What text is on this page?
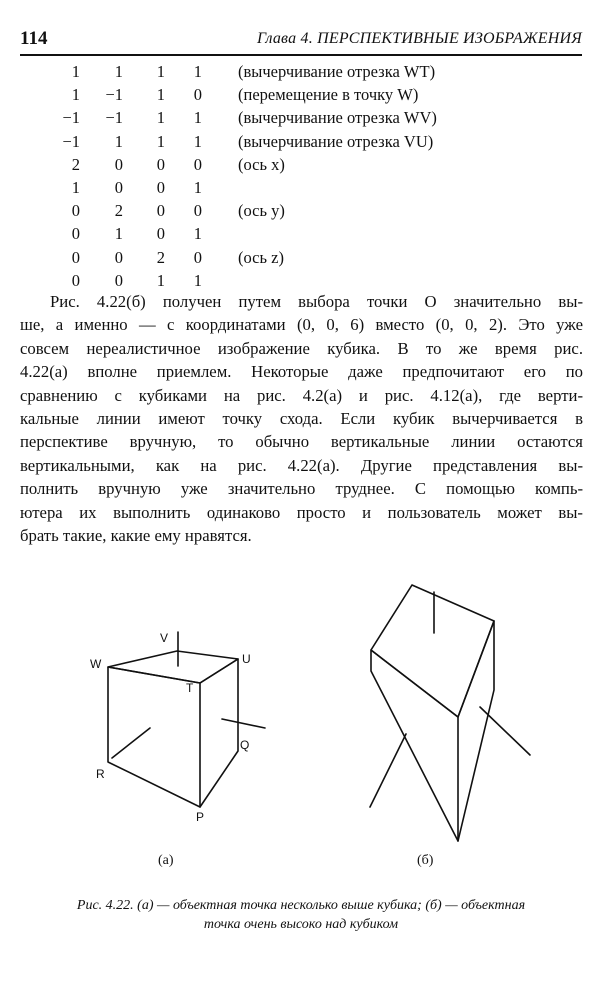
114	Глава 4. ПЕРСПЕКТИВНЫЕ ИЗОБРАЖЕНИЯ
1	1	1	1 (вычерчивание отрезка WT)
1	−1	1	0 (перемещение в точку W)
−1	−1	1	1 (вычерчивание отрезка WV)
−1	1	1	1 (вычерчивание отрезка VU)
2	0	0	0 (ось x)
1	0	0	1
0	2	0	0 (ось y)
0	1	0	1
0	0	2	0 (ось z)
0	0	1	1
Рис. 4.22(б) получен путем выбора точки O значительно вы-
ше, а именно — с координатами (0, 0, 6) вместо (0, 0, 2). Это уже
совсем нереалистичное изображение кубика. В то же время рис.
4.22(а) вполне приемлем. Некоторые даже предпочитают его по
сравнению с кубиками на рис. 4.2(а) и рис. 4.12(а), где верти-
кальные линии имеют точку схода. Если кубик вычерчивается в
перспективе вручную, то обычно вертикальные линии остаются
вертикальными, как на рис. 4.22(а). Другие представления вы-
полнить вручную уже значительно труднее. С помощью компь-
ютера их выполнить одинаково просто и пользователь может вы-
брать такие, какие ему нравятся.
V
W	U
T
Q
R
P
(а)	(б)
Рис. 4.22. (а) — объектная точка несколько выше кубика; (б) — объектная
точка очень высоко над кубиком
